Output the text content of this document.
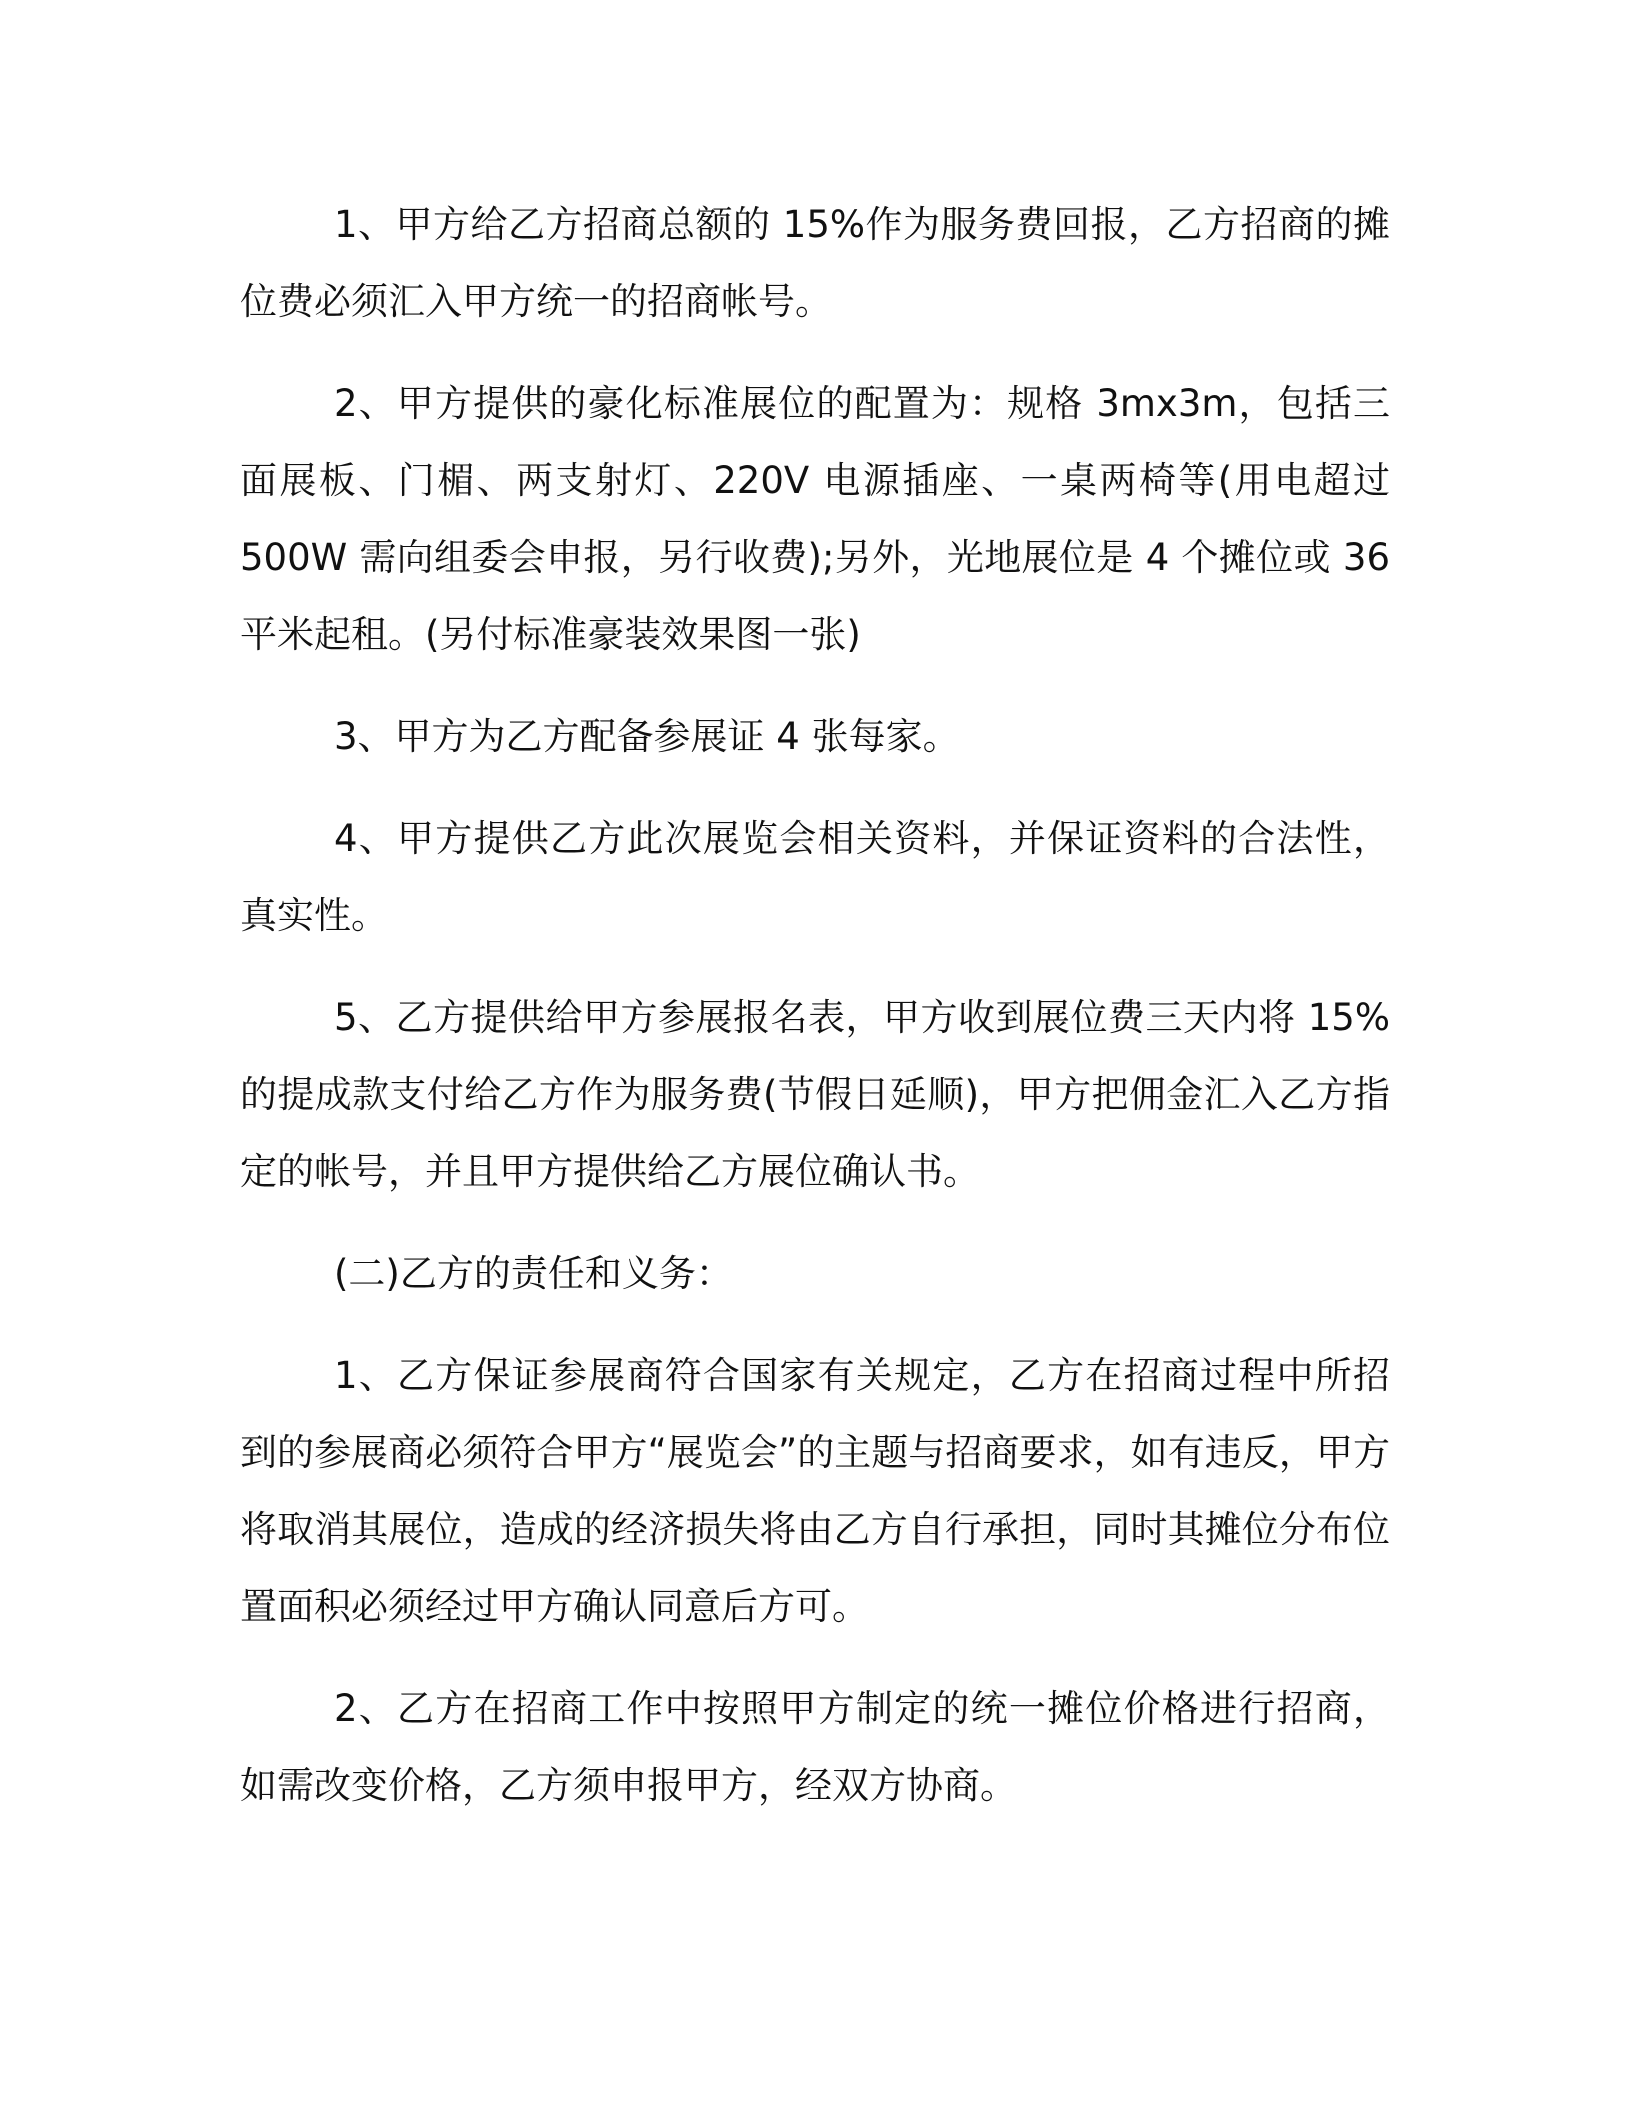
1、甲方给乙方招商总额的 15%作为服务费回报，乙方招商的摊位费必须汇入甲方统一的招商帐号。

2、甲方提供的豪化标准展位的配置为：规格 3mx3m，包括三面展板、门楣、两支射灯、220V 电源插座、一桌两椅等(用电超过500W 需向组委会申报，另行收费);另外，光地展位是 4 个摊位或 36平米起租。(另付标准豪装效果图一张)

3、甲方为乙方配备参展证 4 张每家。

4、甲方提供乙方此次展览会相关资料，并保证资料的合法性，真实性。

5、乙方提供给甲方参展报名表，甲方收到展位费三天内将 15%的提成款支付给乙方作为服务费(节假日延顺)，甲方把佣金汇入乙方指定的帐号，并且甲方提供给乙方展位确认书。

(二)乙方的责任和义务：

1、乙方保证参展商符合国家有关规定，乙方在招商过程中所招到的参展商必须符合甲方“展览会”的主题与招商要求，如有违反，甲方将取消其展位，造成的经济损失将由乙方自行承担，同时其摊位分布位置面积必须经过甲方确认同意后方可。

2、乙方在招商工作中按照甲方制定的统一摊位价格进行招商，如需改变价格，乙方须申报甲方，经双方协商。
